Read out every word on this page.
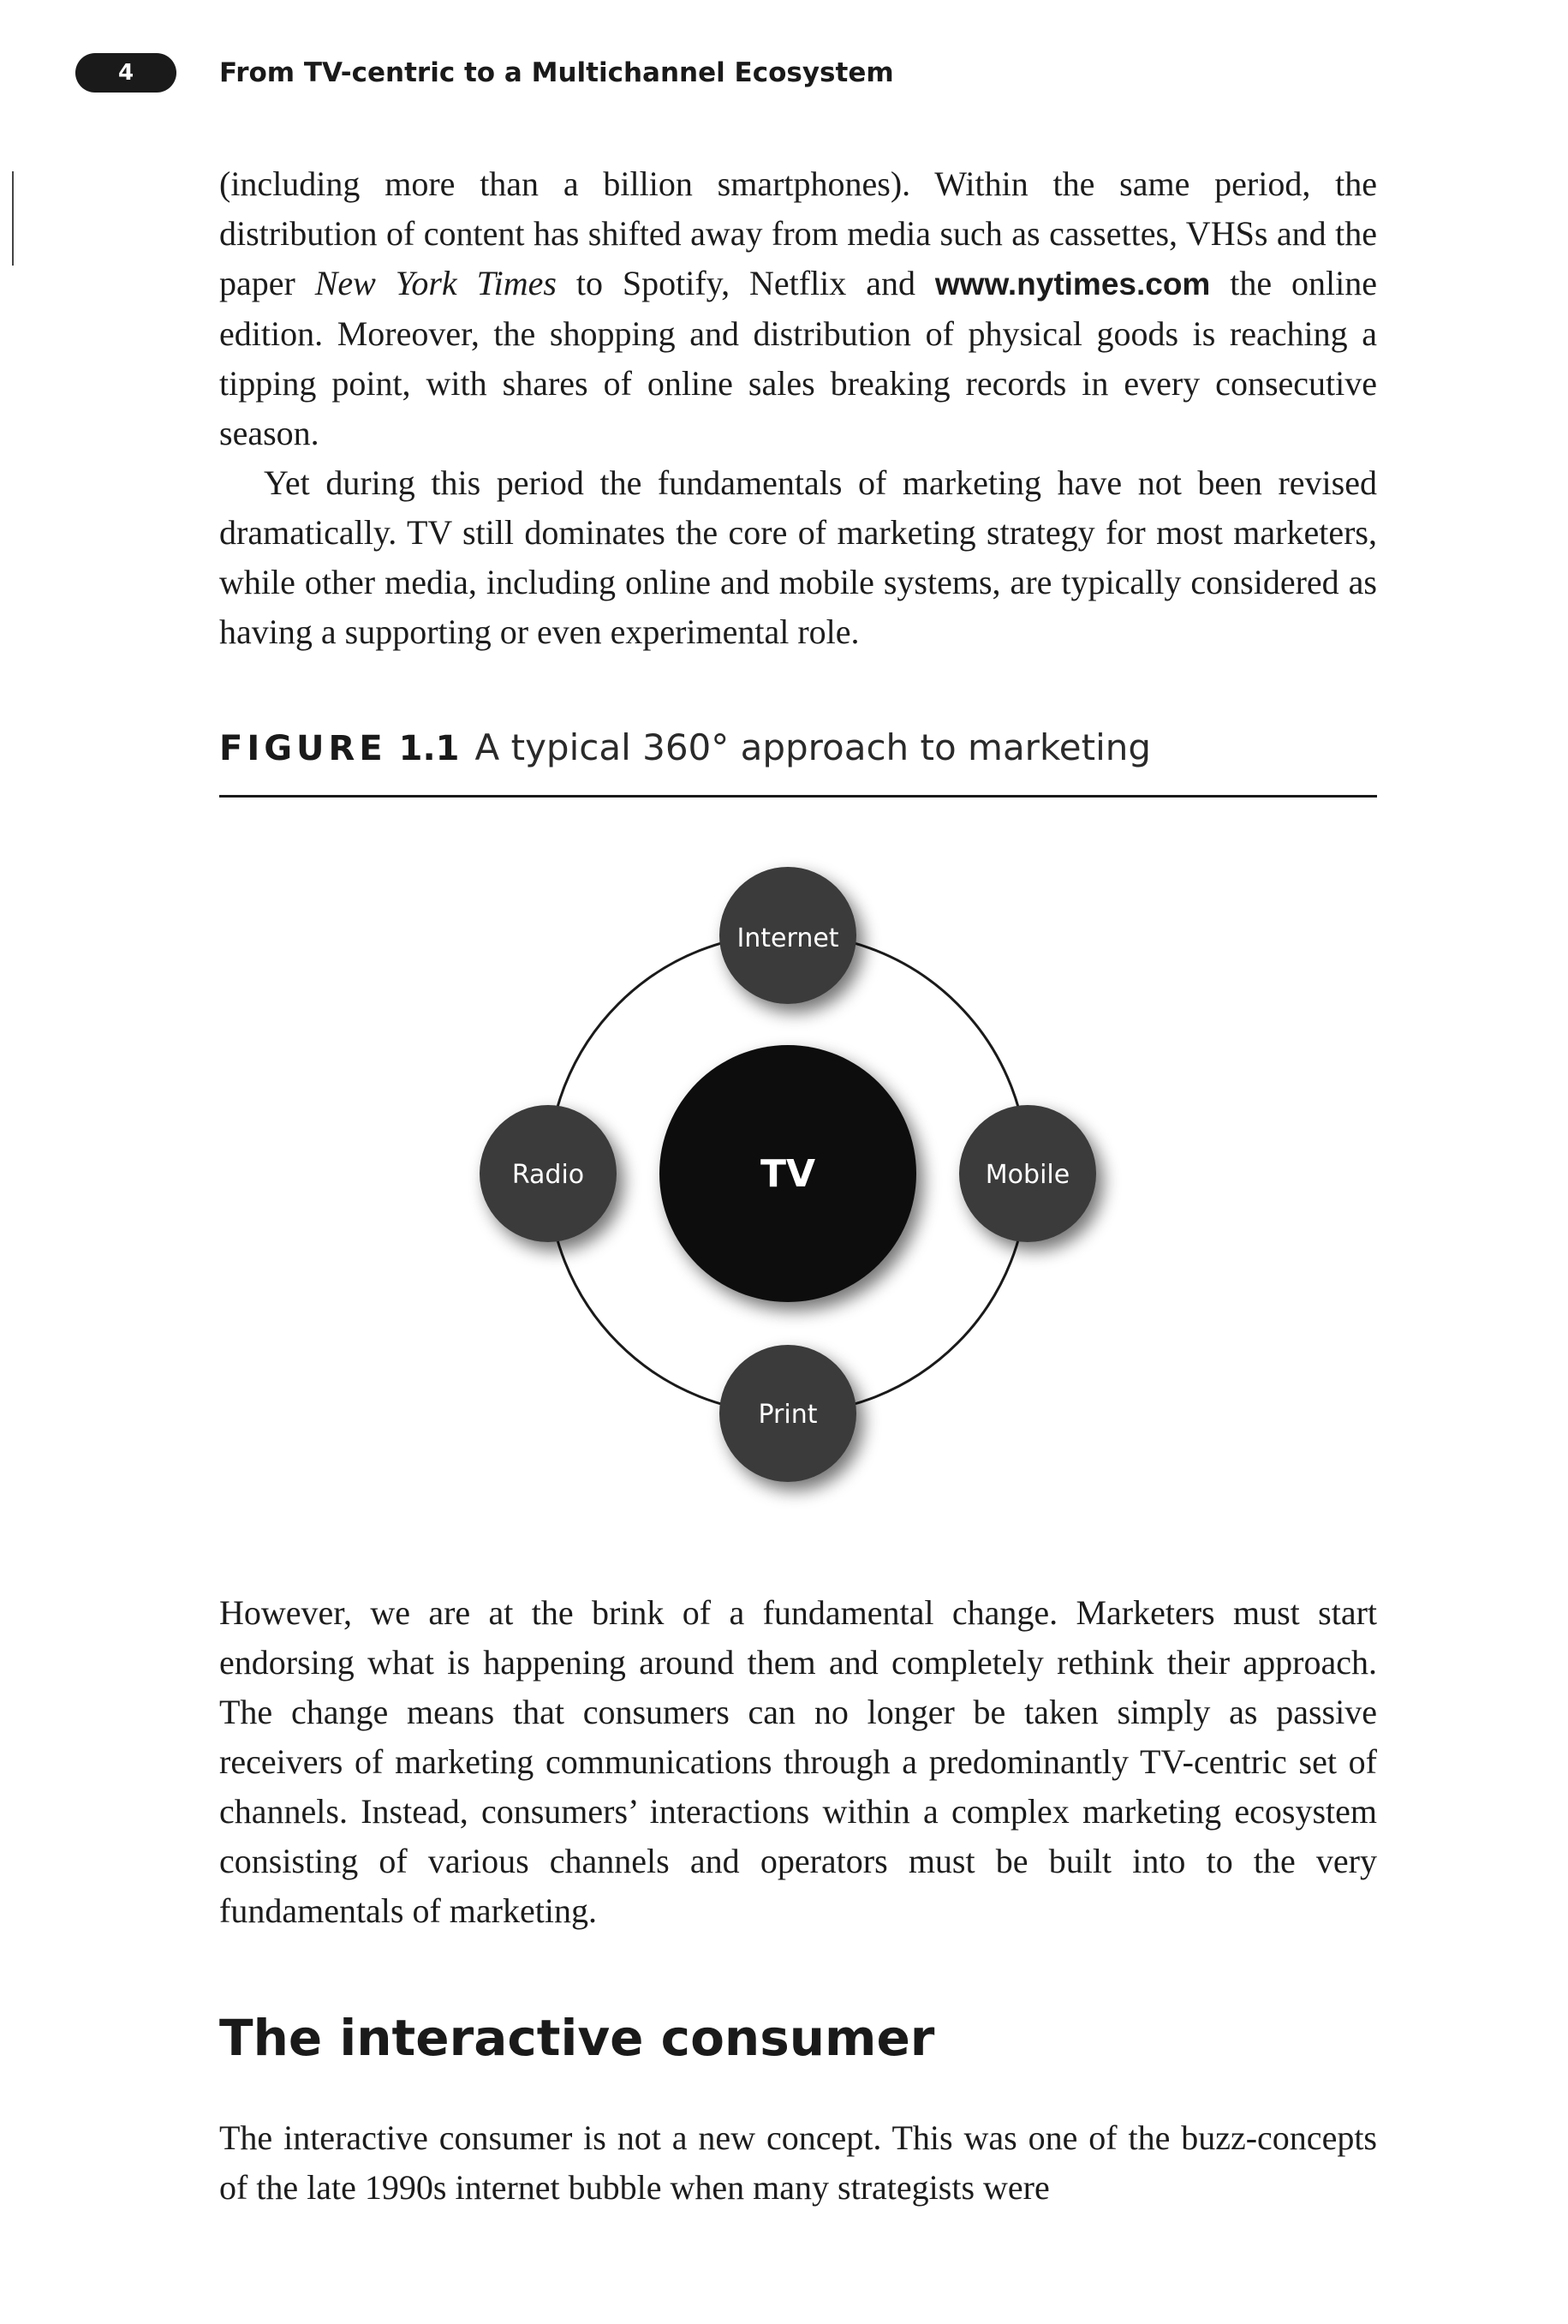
4	From TV-centric to a Multichannel Ecosystem

(including more than a billion smartphones). Within the same period, the distribution of content has shifted away from media such as cassettes, VHSs and the paper New York Times to Spotify, Netflix and www.nytimes.com the online edition. Moreover, the shopping and distribution of physical goods is reaching a tipping point, with shares of online sales breaking records in every consecutive season.

Yet during this period the fundamentals of marketing have not been revised dramatically. TV still dominates the core of marketing strategy for most marketers, while other media, including online and mobile systems, are typically considered as having a supporting or even experimental role.

FIGURE 1.1 A typical 360° approach to marketing
TV
Internet
Radio	Mobile
Print

However, we are at the brink of a fundamental change. Marketers must start endorsing what is happening around them and completely rethink their approach. The change means that consumers can no longer be taken simply as passive receivers of marketing communications through a predominantly TV-centric set of channels. Instead, consumers’ interactions within a complex marketing ecosystem consisting of various channels and operators must be built into to the very fundamentals of marketing.

The interactive consumer

The interactive consumer is not a new concept. This was one of the buzz-concepts of the late 1990s internet bubble when many strategists were
